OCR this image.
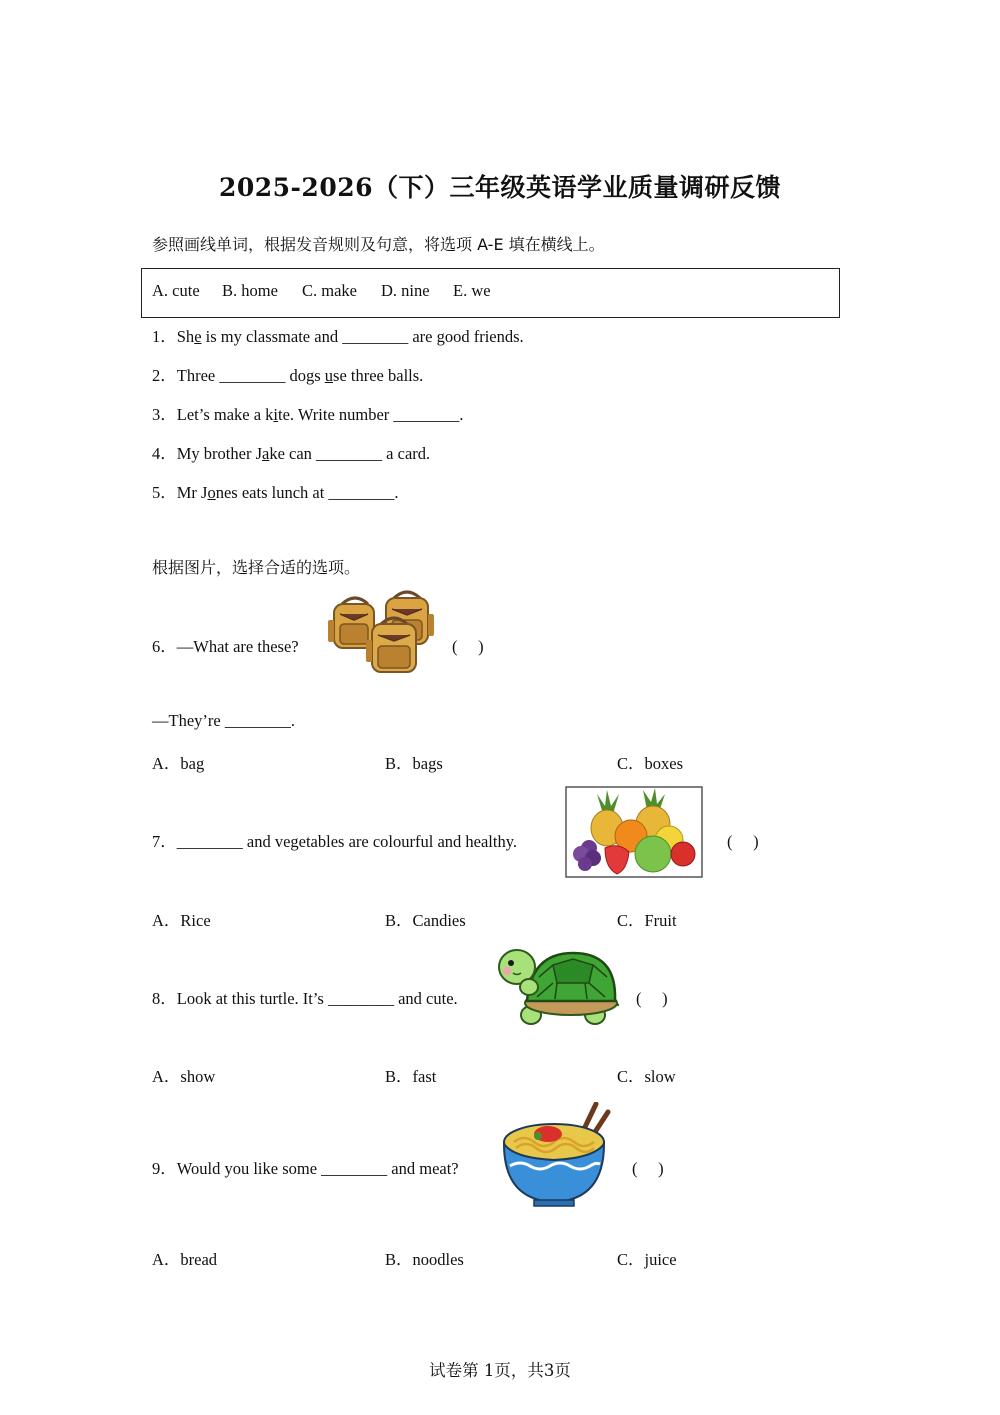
2025-2026（下）三年级英语学业质量调研反馈
参照画线单词，根据发音规则及句意，将选项 A-E 填在横线上。
A. cute B. home C. make D. nine E. we
1．She is my classmate and ________ are good friends.
2．Three ________ dogs use three balls.
3．Let’s make a kite. Write number ________.
4．My brother Jake can ________ a card.
5．Mr Jones eats lunch at ________.
根据图片，选择合适的选项。
6．—What are these?	(　 )
—They’re ________.
A．bag	B．bags	C．boxes
7．________ and vegetables are colourful and healthy.	(　 )
A．Rice	B．Candies	C．Fruit
8．Look at this turtle. It’s ________ and cute.	(　 )
A．show	B．fast	C．slow
9．Would you like some ________ and meat?	(　 )
A．bread	B．noodles	C．juice
试卷第 1页，共3页
